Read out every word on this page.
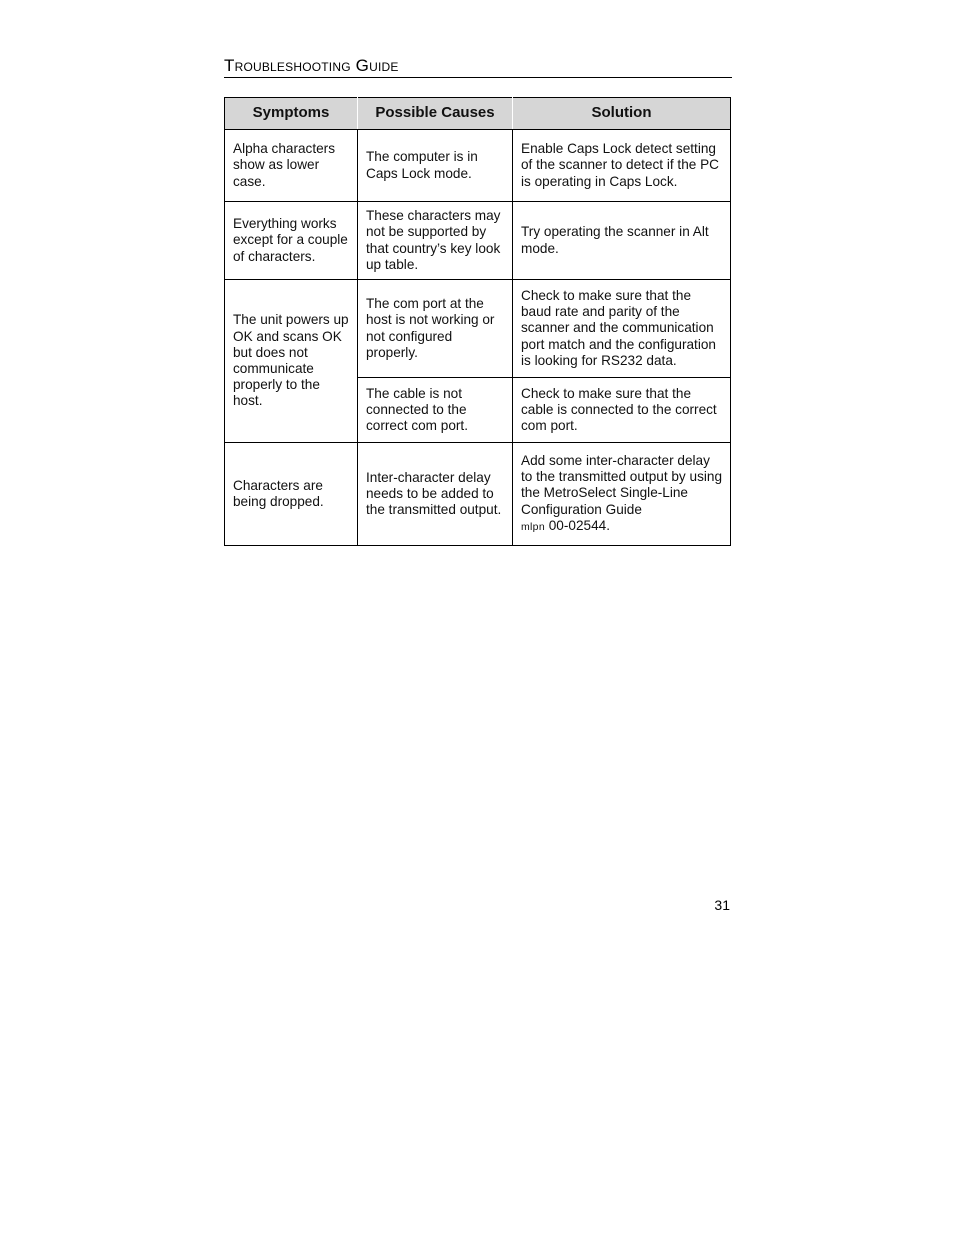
Troubleshooting Guide
Symptoms	Possible Causes	Solution
Alpha characters show as lower case.	The computer is in Caps Lock mode.	Enable Caps Lock detect setting of the scanner to detect if the PC is operating in Caps Lock.
Everything works except for a couple of characters.	These characters may not be supported by that country’s key look up table.	Try operating the scanner in Alt mode.
The unit powers up OK and scans OK but does not communicate properly to the host.	The com port at the host is not working or not configured properly.	Check to make sure that the baud rate and parity of the scanner and the communication port match and the configuration is looking for RS232 data.
	The cable is not connected to the correct com port.	Check to make sure that the cable is connected to the correct com port.
Characters are being dropped.	Inter-character delay needs to be added to the transmitted output.	Add some inter-character delay to the transmitted output by using the MetroSelect Single-Line Configuration Guide
mlpn 00-02544.
31
